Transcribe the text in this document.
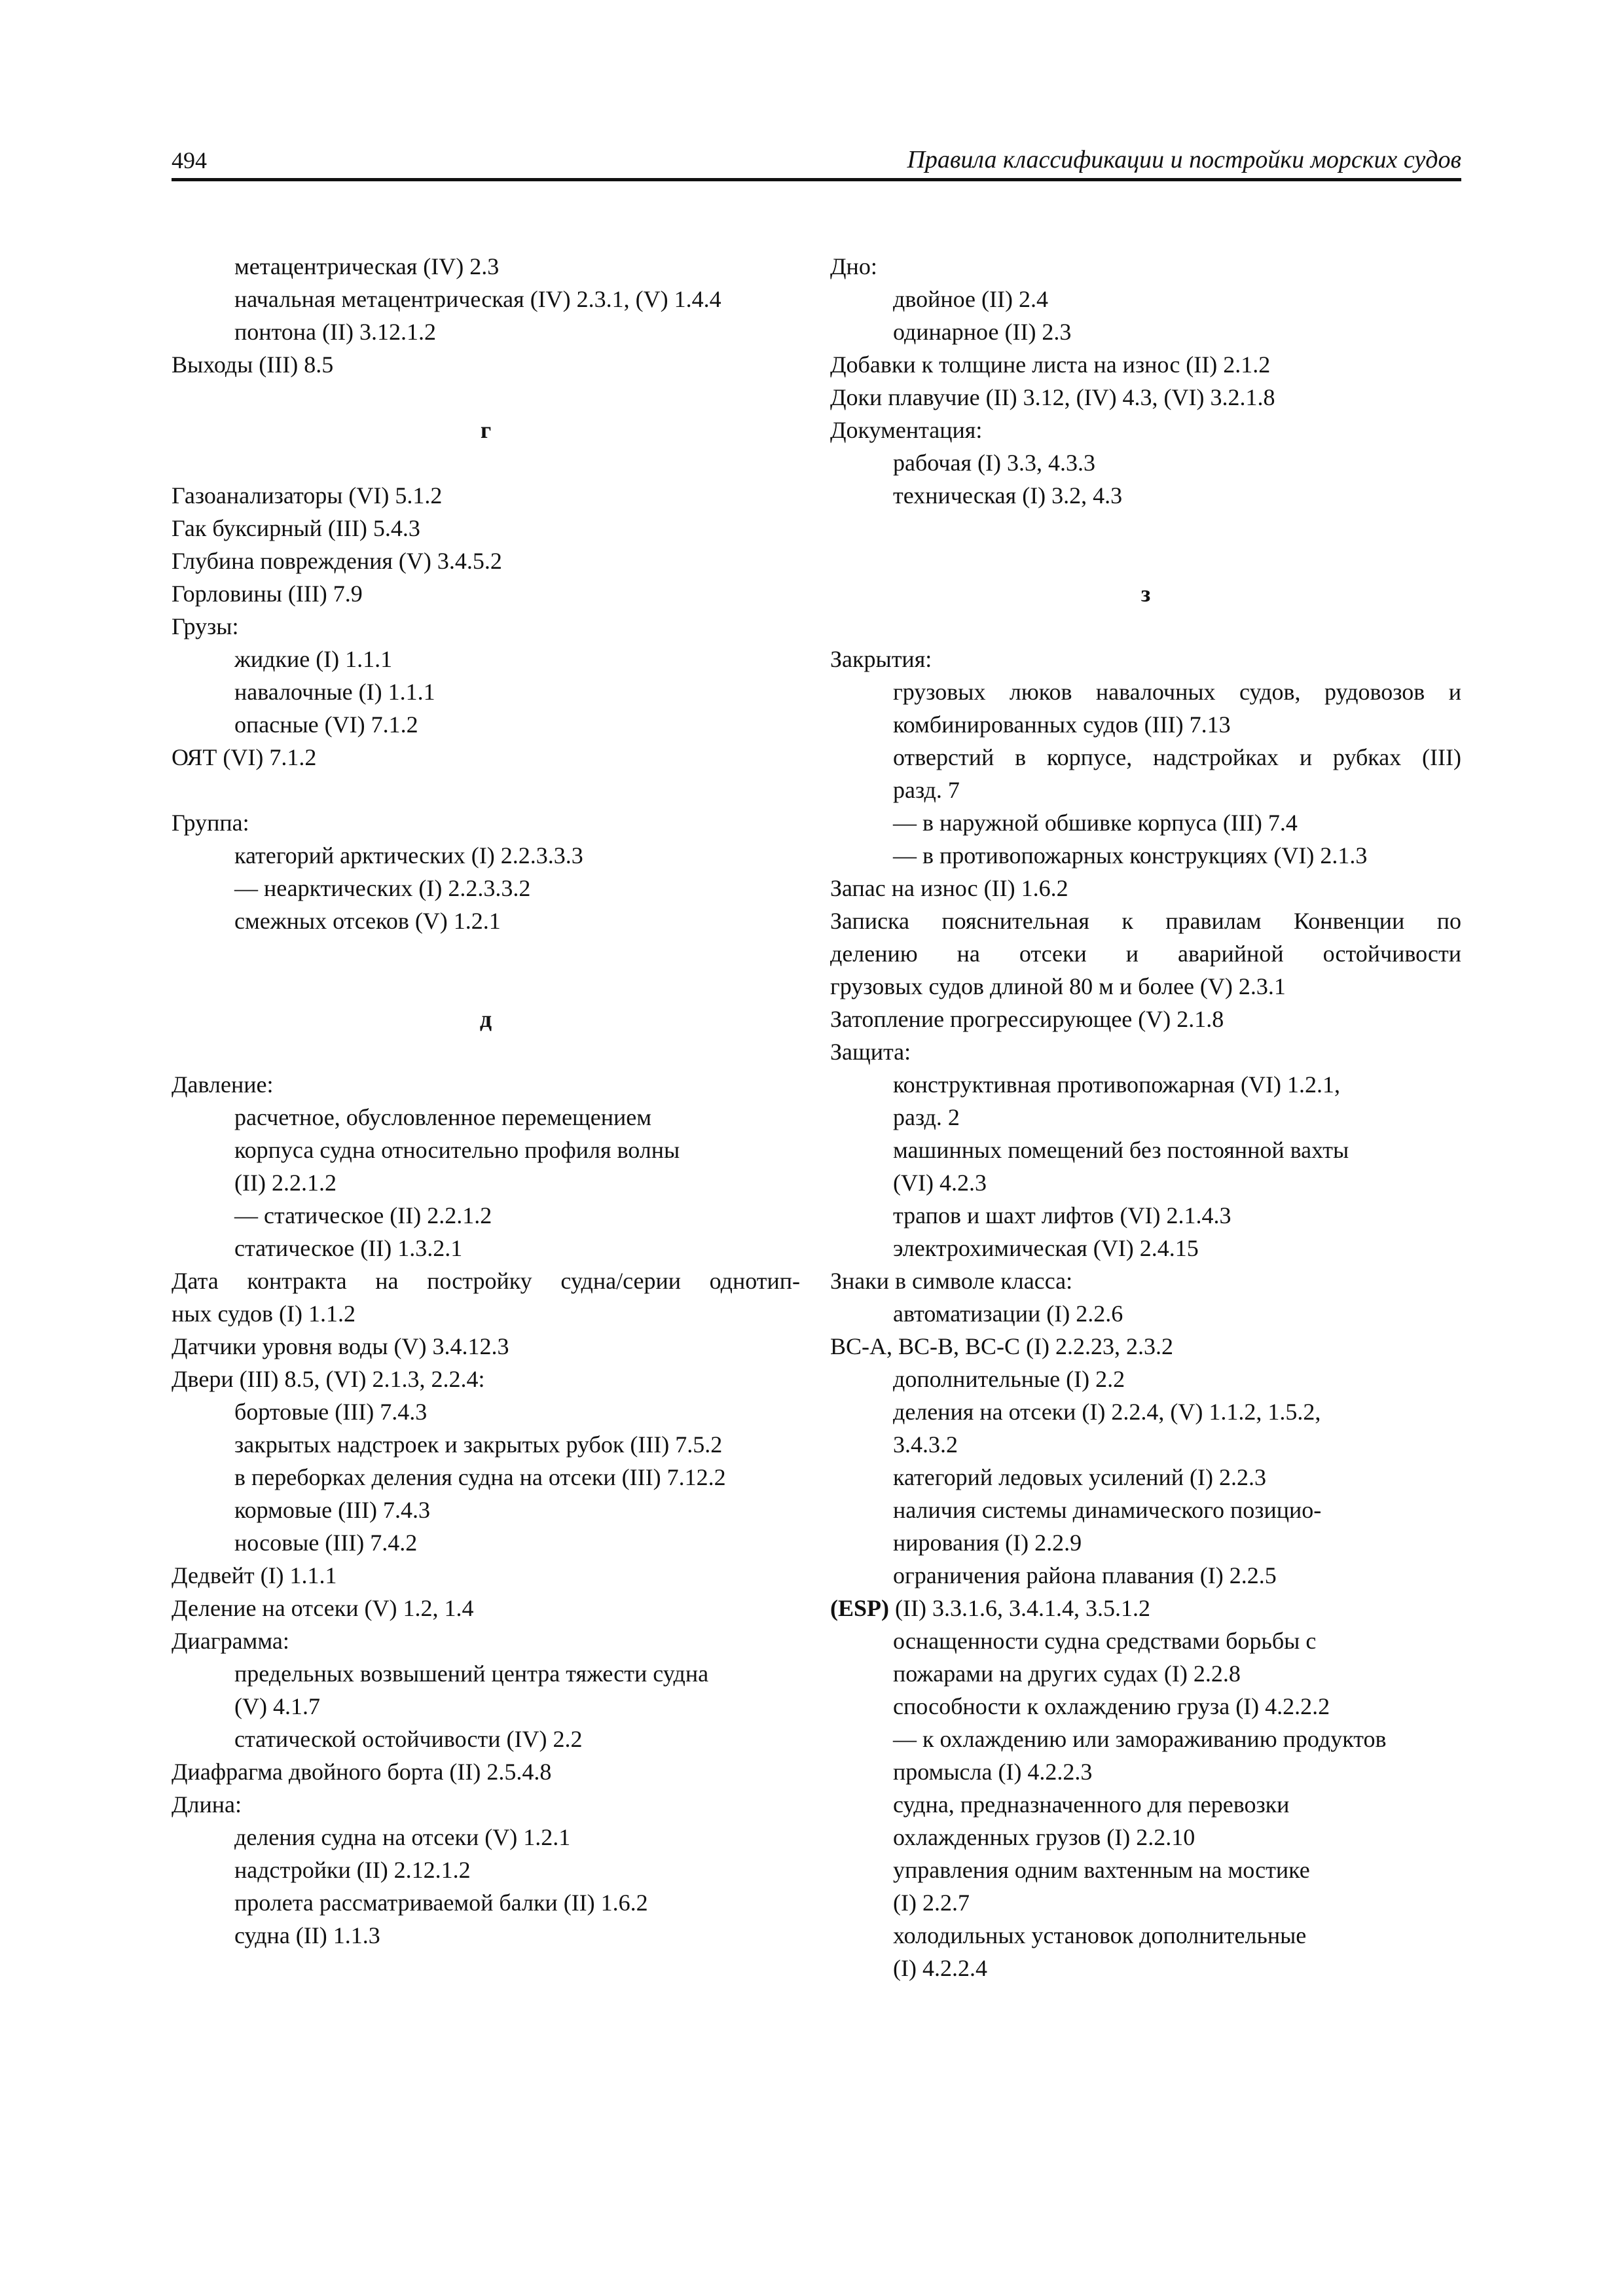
494	Правила классификации и постройки морских судов
метацентрическая (IV) 2.3
начальная метацентрическая (IV) 2.3.1, (V) 1.4.4
понтона (II) 3.12.1.2
Выходы (III) 8.5
г
Газоанализаторы (VI) 5.1.2
Гак буксирный (III) 5.4.3
Глубина повреждения (V) 3.4.5.2
Горловины (III) 7.9
Грузы:
жидкие (I) 1.1.1
навалочные (I) 1.1.1
опасные (VI) 7.1.2
ОЯТ (VI) 7.1.2
Группа:
категорий арктических (I) 2.2.3.3.3
— неарктических (I) 2.2.3.3.2
смежных отсеков (V) 1.2.1
д
Давление:
расчетное, обусловленное перемещением
корпуса судна относительно профиля волны
(II) 2.2.1.2
— статическое (II) 2.2.1.2
статическое (II) 1.3.2.1
Дата контракта на постройку судна/серии однотип-
ных судов (I) 1.1.2
Датчики уровня воды (V) 3.4.12.3
Двери (III) 8.5, (VI) 2.1.3, 2.2.4:
бортовые (III) 7.4.3
закрытых надстроек и закрытых рубок (III) 7.5.2
в переборках деления судна на отсеки (III) 7.12.2
кормовые (III) 7.4.3
носовые (III) 7.4.2
Дедвейт (I) 1.1.1
Деление на отсеки (V) 1.2, 1.4
Диаграмма:
предельных возвышений центра тяжести судна
(V) 4.1.7
статической остойчивости (IV) 2.2
Диафрагма двойного борта (II) 2.5.4.8
Длина:
деления судна на отсеки (V) 1.2.1
надстройки (II) 2.12.1.2
пролета рассматриваемой балки (II) 1.6.2
судна (II) 1.1.3
Дно:
двойное (II) 2.4
одинарное (II) 2.3
Добавки к толщине листа на износ (II) 2.1.2
Доки плавучие (II) 3.12, (IV) 4.3, (VI) 3.2.1.8
Документация:
рабочая (I) 3.3, 4.3.3
техническая (I) 3.2, 4.3
з
Закрытия:
грузовых люков навалочных судов, рудовозов и
комбинированных судов (III) 7.13
отверстий в корпусе, надстройках и рубках (III)
разд. 7
— в наружной обшивке корпуса (III) 7.4
— в противопожарных конструкциях (VI) 2.1.3
Запас на износ (II) 1.6.2
Записка пояснительная к правилам Конвенции по
делению на отсеки и аварийной остойчивости
грузовых судов длиной 80 м и более (V) 2.3.1
Затопление прогрессирующее (V) 2.1.8
Защита:
конструктивная противопожарная (VI) 1.2.1,
разд. 2
машинных помещений без постоянной вахты
(VI) 4.2.3
трапов и шахт лифтов (VI) 2.1.4.3
электрохимическая (VI) 2.4.15
Знаки в символе класса:
автоматизации (I) 2.2.6
BC-A, BC-B, BC-C (I) 2.2.23, 2.3.2
дополнительные (I) 2.2
деления на отсеки (I) 2.2.4, (V) 1.1.2, 1.5.2,
3.4.3.2
категорий ледовых усилений (I) 2.2.3
наличия системы динамического позицио-
нирования (I) 2.2.9
ограничения района плавания (I) 2.2.5
(ESP) (II) 3.3.1.6, 3.4.1.4, 3.5.1.2
оснащенности судна средствами борьбы с
пожарами на других судах (I) 2.2.8
способности к охлаждению груза (I) 4.2.2.2
— к охлаждению или замораживанию продуктов
промысла (I) 4.2.2.3
судна, предназначенного для перевозки
охлажденных грузов (I) 2.2.10
управления одним вахтенным на мостике
(I) 2.2.7
холодильных установок дополнительные
(I) 4.2.2.4
